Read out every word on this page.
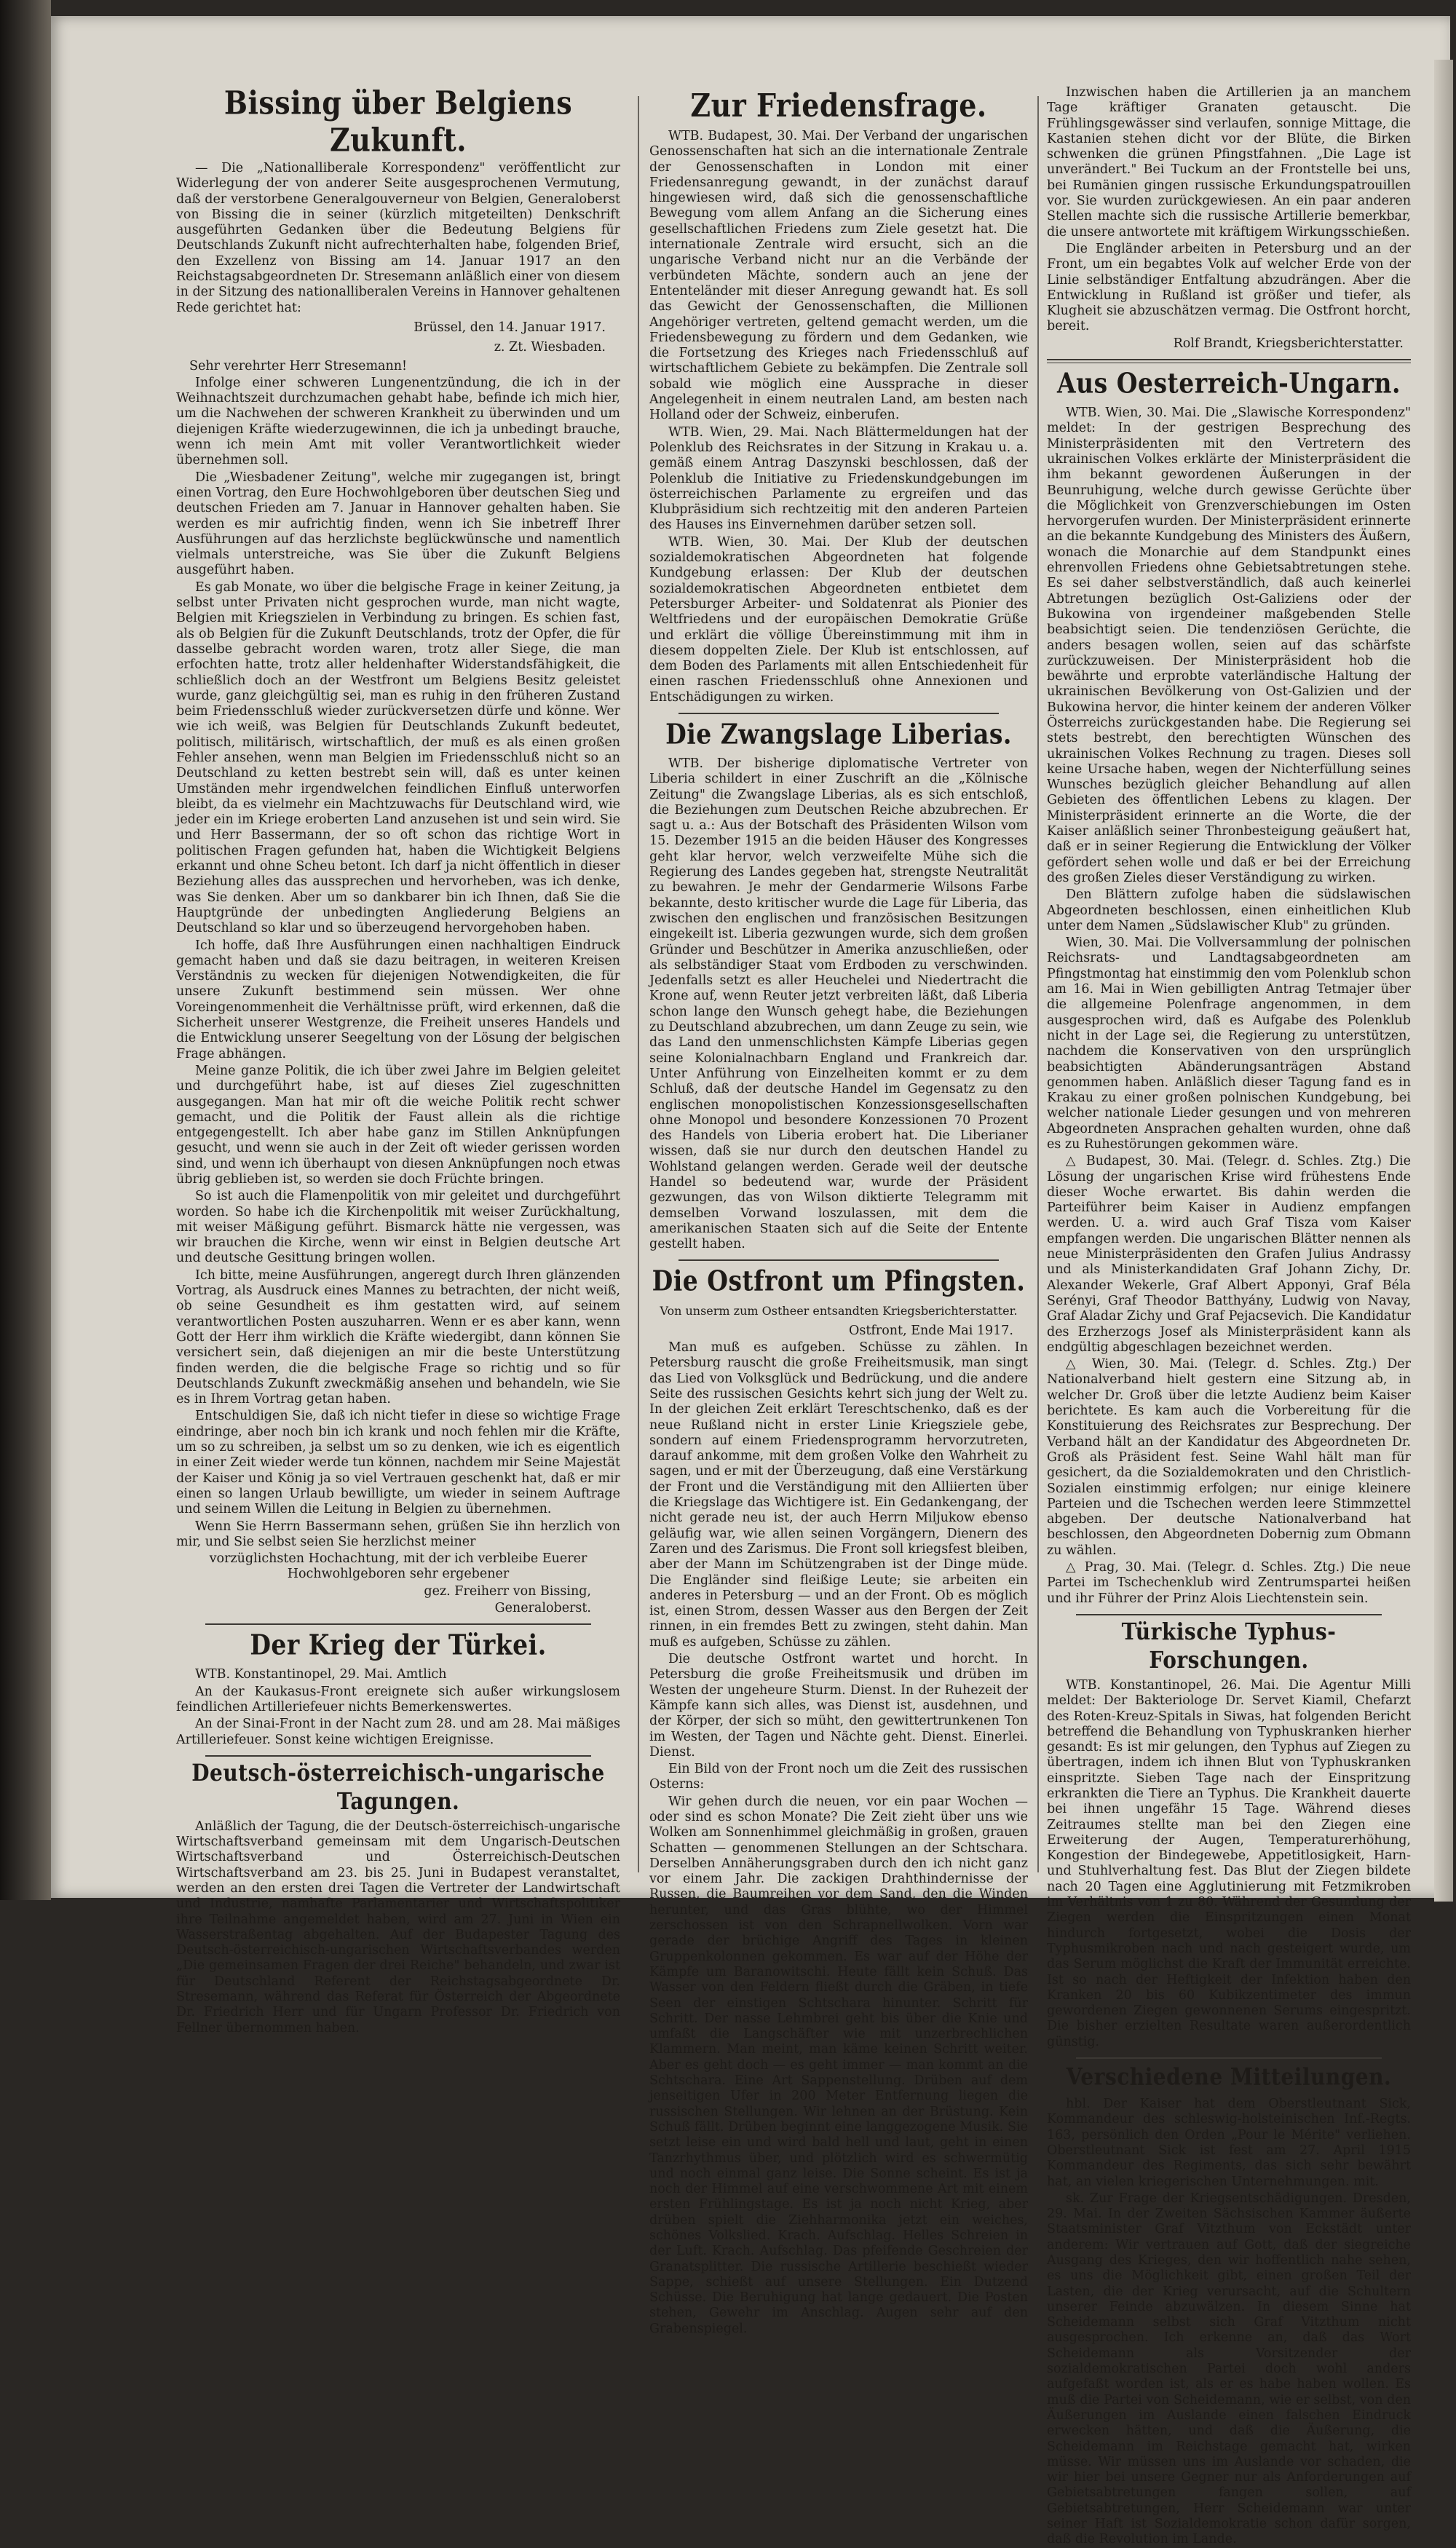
Bissing über Belgiens Zukunft.

— Die „Nationalliberale Korrespondenz" veröffentlicht zur Widerlegung der von anderer Seite ausgesprochenen Vermutung, daß der verstorbene Generalgouverneur von Belgien, Generaloberst von Bissing die in seiner (kürzlich mitgeteilten) Denkschrift ausgeführten Gedanken über die Bedeutung Belgiens für Deutschlands Zukunft nicht aufrechterhalten habe, folgenden Brief, den Exzellenz von Bissing am 14. Januar 1917 an den Reichstagsabgeordneten Dr. Stresemann anläßlich einer von diesem in der Sitzung des nationalliberalen Vereins in Hannover gehaltenen Rede gerichtet hat:

Brüssel, den 14. Januar 1917.

z. Zt. Wiesbaden.

Sehr verehrter Herr Stresemann!

Infolge einer schweren Lungenentzündung, die ich in der Weihnachtszeit durchzumachen gehabt habe, befinde ich mich hier, um die Nachwehen der schweren Krankheit zu überwinden und um diejenigen Kräfte wiederzugewinnen, die ich ja unbedingt brauche, wenn ich mein Amt mit voller Verantwortlichkeit wieder übernehmen soll.

Die „Wiesbadener Zeitung", welche mir zugegangen ist, bringt einen Vortrag, den Eure Hochwohlgeboren über deutschen Sieg und deutschen Frieden am 7. Januar in Hannover gehalten haben. Sie werden es mir aufrichtig finden, wenn ich Sie inbetreff Ihrer Ausführungen auf das herzlichste beglückwünsche und namentlich vielmals unterstreiche, was Sie über die Zukunft Belgiens ausgeführt haben.

Es gab Monate, wo über die belgische Frage in keiner Zeitung, ja selbst unter Privaten nicht gesprochen wurde, man nicht wagte, Belgien mit Kriegszielen in Verbindung zu bringen. Es schien fast, als ob Belgien für die Zukunft Deutschlands, trotz der Opfer, die für dasselbe gebracht worden waren, trotz aller Siege, die man erfochten hatte, trotz aller heldenhafter Widerstandsfähigkeit, die schließlich doch an der Westfront um Belgiens Besitz geleistet wurde, ganz gleichgültig sei, man es ruhig in den früheren Zustand beim Friedensschluß wieder zurückversetzen dürfe und könne. Wer wie ich weiß, was Belgien für Deutschlands Zukunft bedeutet, politisch, militärisch, wirtschaftlich, der muß es als einen großen Fehler ansehen, wenn man Belgien im Friedensschluß nicht so an Deutschland zu ketten bestrebt sein will, daß es unter keinen Umständen mehr irgendwelchen feindlichen Einfluß unterworfen bleibt, da es vielmehr ein Machtzuwachs für Deutschland wird, wie jeder ein im Kriege eroberten Land anzusehen ist und sein wird. Sie und Herr Bassermann, der so oft schon das richtige Wort in politischen Fragen gefunden hat, haben die Wichtigkeit Belgiens erkannt und ohne Scheu betont. Ich darf ja nicht öffentlich in dieser Beziehung alles das aussprechen und hervorheben, was ich denke, was Sie denken. Aber um so dankbarer bin ich Ihnen, daß Sie die Hauptgründe der unbedingten Angliederung Belgiens an Deutschland so klar und so überzeugend hervorgehoben haben.

Ich hoffe, daß Ihre Ausführungen einen nachhaltigen Eindruck gemacht haben und daß sie dazu beitragen, in weiteren Kreisen Verständnis zu wecken für diejenigen Notwendigkeiten, die für unsere Zukunft bestimmend sein müssen. Wer ohne Voreingenommenheit die Verhältnisse prüft, wird erkennen, daß die Sicherheit unserer Westgrenze, die Freiheit unseres Handels und die Entwicklung unserer Seegeltung von der Lösung der belgischen Frage abhängen.

Meine ganze Politik, die ich über zwei Jahre im Belgien geleitet und durchgeführt habe, ist auf dieses Ziel zugeschnitten ausgegangen. Man hat mir oft die weiche Politik recht schwer gemacht, und die Politik der Faust allein als die richtige entgegengestellt. Ich aber habe ganz im Stillen Anknüpfungen gesucht, und wenn sie auch in der Zeit oft wieder gerissen worden sind, und wenn ich überhaupt von diesen Anknüpfungen noch etwas übrig geblieben ist, so werden sie doch Früchte bringen.

So ist auch die Flamenpolitik von mir geleitet und durchgeführt worden. So habe ich die Kirchenpolitik mit weiser Zurückhaltung, mit weiser Mäßigung geführt. Bismarck hätte nie vergessen, was wir brauchen die Kirche, wenn wir einst in Belgien deutsche Art und deutsche Gesittung bringen wollen.

Ich bitte, meine Ausführungen, angeregt durch Ihren glänzenden Vortrag, als Ausdruck eines Mannes zu betrachten, der nicht weiß, ob seine Gesundheit es ihm gestatten wird, auf seinem verantwortlichen Posten auszuharren. Wenn er es aber kann, wenn Gott der Herr ihm wirklich die Kräfte wiedergibt, dann können Sie versichert sein, daß diejenigen an mir die beste Unterstützung finden werden, die die belgische Frage so richtig und so für Deutschlands Zukunft zweckmäßig ansehen und behandeln, wie Sie es in Ihrem Vortrag getan haben.

Entschuldigen Sie, daß ich nicht tiefer in diese so wichtige Frage eindringe, aber noch bin ich krank und noch fehlen mir die Kräfte, um so zu schreiben, ja selbst um so zu denken, wie ich es eigentlich in einer Zeit wieder werde tun können, nachdem mir Seine Majestät der Kaiser und König ja so viel Vertrauen geschenkt hat, daß er mir einen so langen Urlaub bewilligte, um wieder in seinem Auftrage und seinem Willen die Leitung in Belgien zu übernehmen.

Wenn Sie Herrn Bassermann sehen, grüßen Sie ihn herzlich von mir, und Sie selbst seien Sie herzlichst meiner

vorzüglichsten Hochachtung, mit der ich verbleibe Euerer Hochwohlgeboren sehr ergebener

gez. Freiherr von Bissing,

Generaloberst.

Der Krieg der Türkei.

WTB. Konstantinopel, 29. Mai. Amtlich

An der Kaukasus-Front ereignete sich außer wirkungslosem feindlichen Artilleriefeuer nichts Bemerkenswertes.

An der Sinai-Front in der Nacht zum 28. und am 28. Mai mäßiges Artilleriefeuer. Sonst keine wichtigen Ereignisse.

Deutsch-österreichisch-ungarische Tagungen.

Anläßlich der Tagung, die der Deutsch-österreichisch-ungarische Wirtschaftsverband gemeinsam mit dem Ungarisch-Deutschen Wirtschaftsverband und Österreichisch-Deutschen Wirtschaftsverband am 23. bis 25. Juni in Budapest veranstaltet, werden an den ersten drei Tagen die Vertreter der Landwirtschaft und Industrie, namhafte Parlamentarier und Wirtschaftspolitiker ihre Teilnahme angemeldet haben, wird am 27. Juni in Wien ein Wasserstraßentag abgehalten. Auf der Budapester Tagung des Deutsch-österreichisch-ungarischen Wirtschaftsverbandes werden „Die gemeinsamen Fragen der drei Reiche" behandeln, und zwar ist für Deutschland Referent der Reichstagsabgeordnete Dr. Stresemann, während das Referat für Österreich der Abgeordnete Dr. Friedrich Herr und für Ungarn Professor Dr. Friedrich von Fellner übernommen haben.

Zur Friedensfrage.

WTB. Budapest, 30. Mai. Der Verband der ungarischen Genossenschaften hat sich an die internationale Zentrale der Genossenschaften in London mit einer Friedensanregung gewandt, in der zunächst darauf hingewiesen wird, daß sich die genossenschaftliche Bewegung vom allem Anfang an die Sicherung eines gesellschaftlichen Friedens zum Ziele gesetzt hat. Die internationale Zentrale wird ersucht, sich an die ungarische Verband nicht nur an die Verbände der verbündeten Mächte, sondern auch an jene der Ententeländer mit dieser Anregung gewandt hat. Es soll das Gewicht der Genossenschaften, die Millionen Angehöriger vertreten, geltend gemacht werden, um die Friedensbewegung zu fördern und dem Gedanken, wie die Fortsetzung des Krieges nach Friedensschluß auf wirtschaftlichem Gebiete zu bekämpfen. Die Zentrale soll sobald wie möglich eine Aussprache in dieser Angelegenheit in einem neutralen Land, am besten nach Holland oder der Schweiz, einberufen.

WTB. Wien, 29. Mai. Nach Blättermeldungen hat der Polenklub des Reichsrates in der Sitzung in Krakau u. a. gemäß einem Antrag Daszynski beschlossen, daß der Polenklub die Initiative zu Friedenskundgebungen im österreichischen Parlamente zu ergreifen und das Klubpräsidium sich rechtzeitig mit den anderen Parteien des Hauses ins Einvernehmen darüber setzen soll.

WTB. Wien, 30. Mai. Der Klub der deutschen sozialdemokratischen Abgeordneten hat folgende Kundgebung erlassen: Der Klub der deutschen sozialdemokratischen Abgeordneten entbietet dem Petersburger Arbeiter- und Soldatenrat als Pionier des Weltfriedens und der europäischen Demokratie Grüße und erklärt die völlige Übereinstimmung mit ihm in diesem doppelten Ziele. Der Klub ist entschlossen, auf dem Boden des Parlaments mit allen Entschiedenheit für einen raschen Friedensschluß ohne Annexionen und Entschädigungen zu wirken.

Die Zwangslage Liberias.

WTB. Der bisherige diplomatische Vertreter von Liberia schildert in einer Zuschrift an die „Kölnische Zeitung" die Zwangslage Liberias, als es sich entschloß, die Beziehungen zum Deutschen Reiche abzubrechen. Er sagt u. a.: Aus der Botschaft des Präsidenten Wilson vom 15. Dezember 1915 an die beiden Häuser des Kongresses geht klar hervor, welch verzweifelte Mühe sich die Regierung des Landes gegeben hat, strengste Neutralität zu bewahren. Je mehr der Gendarmerie Wilsons Farbe bekannte, desto kritischer wurde die Lage für Liberia, das zwischen den englischen und französischen Besitzungen eingekeilt ist. Liberia gezwungen wurde, sich dem großen Gründer und Beschützer in Amerika anzuschließen, oder als selbständiger Staat vom Erdboden zu verschwinden. Jedenfalls setzt es aller Heuchelei und Niedertracht die Krone auf, wenn Reuter jetzt verbreiten läßt, daß Liberia schon lange den Wunsch gehegt habe, die Beziehungen zu Deutschland abzubrechen, um dann Zeuge zu sein, wie das Land den unmenschlichsten Kämpfe Liberias gegen seine Kolonialnachbarn England und Frankreich dar. Unter Anführung von Einzelheiten kommt er zu dem Schluß, daß der deutsche Handel im Gegensatz zu den englischen monopolistischen Konzessionsgesellschaften ohne Monopol und besondere Konzessionen 70 Prozent des Handels von Liberia erobert hat. Die Liberianer wissen, daß sie nur durch den deutschen Handel zu Wohlstand gelangen werden. Gerade weil der deutsche Handel so bedeutend war, wurde der Präsident gezwungen, das von Wilson diktierte Telegramm mit demselben Vorwand loszulassen, mit dem die amerikanischen Staaten sich auf die Seite der Entente gestellt haben.

Die Ostfront um Pfingsten.

Von unserm zum Ostheer entsandten Kriegsberichterstatter.

Ostfront, Ende Mai 1917.

Man muß es aufgeben. Schüsse zu zählen. In Petersburg rauscht die große Freiheitsmusik, man singt das Lied von Volksglück und Bedrückung, und die andere Seite des russischen Gesichts kehrt sich jung der Welt zu. In der gleichen Zeit erklärt Tereschtschenko, daß es der neue Rußland nicht in erster Linie Kriegsziele gebe, sondern auf einem Friedensprogramm hervorzutreten, darauf ankomme, mit dem großen Volke den Wahrheit zu sagen, und er mit der Überzeugung, daß eine Verstärkung der Front und die Verständigung mit den Alliierten über die Kriegslage das Wichtigere ist. Ein Gedankengang, der nicht gerade neu ist, der auch Herrn Miljukow ebenso geläufig war, wie allen seinen Vorgängern, Dienern des Zaren und des Zarismus. Die Front soll kriegsfest bleiben, aber der Mann im Schützengraben ist der Dinge müde. Die Engländer sind fleißige Leute; sie arbeiten ein anderes in Petersburg — und an der Front. Ob es möglich ist, einen Strom, dessen Wasser aus den Bergen der Zeit rinnen, in ein fremdes Bett zu zwingen, steht dahin. Man muß es aufgeben, Schüsse zu zählen.

Die deutsche Ostfront wartet und horcht. In Petersburg die große Freiheitsmusik und drüben im Westen der ungeheure Sturm. Dienst. In der Ruhezeit der Kämpfe kann sich alles, was Dienst ist, ausdehnen, und der Körper, der sich so müht, den gewittertrunkenen Ton im Westen, der Tagen und Nächte geht. Dienst. Einerlei. Dienst.

Ein Bild von der Front noch um die Zeit des russischen Osterns:

Wir gehen durch die neuen, vor ein paar Wochen — oder sind es schon Monate? Die Zeit zieht über uns wie Wolken am Sonnenhimmel gleichmäßig in großen, grauen Schatten — genommenen Stellungen an der Schtschara. Derselben Annäherungsgraben durch den ich nicht ganz vor einem Jahr. Die zackigen Drahthindernisse der Russen, die Baumreihen vor dem Sand, den die Winden herunter, und das Gras blühte, wo der Himmel zerschossen ist von den Schrapnellwolken. Vorn war gerade der brüchige Angriff des Tages in kleinen Gruppenkolonnen gekommen. Es war auf der Höhe der Kämpfe um Baranowitschi. Heute fällt kein Schuß. Das Wasser von den Feldern fließt durch die Gräben, in tiefe Seen der einstigen Schtschara hinunter. Schritt für Schritt. Der nasse Lehmbrei geht bis über die Knie und umfaßt die Langschäfter wie mit unzerbrechlichen Klammern. Man meint, man käme keinen Schritt weiter. Aber es geht doch — es geht immer — man kommt an die Schtschara. Eine Art Sappenstellung. Drüben auf dem jenseitigen Ufer in 200 Meter Entfernung liegen die russischen Stellungen. Wir lehnen an der Brüstung. Kein Schuß fällt. Drüben beginnt eine langgezogene Musik. Sie setzt leise ein und wird bald hell und laut, geht in einen Tanzrhythmus über, und plötzlich wird es schwermütig und noch einmal ganz leise. Die Sonne scheint. Es ist ja noch der Himmel auf eine verschwommene Art mit einem ersten Frühlingstage. Es ist ja noch nicht Krieg, aber drüben spielt die Ziehharmonika jetzt ein weiches, schönes Volkslied. Krach. Aufschlag. Helles Schreien in der Luft. Krach. Aufschlag. Das pfeifende Geschreien der Granatsplitter. Die russische Artillerie beschießt wieder Sappe, schießt auf unsere Stellungen. Ein Dutzend Schüsse. Die Beruhigung hat lange gedauert. Die Posten stehen, Gewehr im Anschlag. Augen sehr auf den Grabenspiegel.

Inzwischen haben die Artillerien ja an manchem Tage kräftiger Granaten getauscht. Die Frühlingsgewässer sind verlaufen, sonnige Mittage, die Kastanien stehen dicht vor der Blüte, die Birken schwenken die grünen Pfingstfahnen. „Die Lage ist unverändert." Bei Tuckum an der Frontstelle bei uns, bei Rumänien gingen russische Erkundungspatrouillen vor. Sie wurden zurückgewiesen. An ein paar anderen Stellen machte sich die russische Artillerie bemerkbar, die unsere antwortete mit kräftigem Wirkungsschießen.

Die Engländer arbeiten in Petersburg und an der Front, um ein begabtes Volk auf welcher Erde von der Linie selbständiger Entfaltung abzudrängen. Aber die Entwicklung in Rußland ist größer und tiefer, als Klugheit sie abzuschätzen vermag. Die Ostfront horcht, bereit.

Rolf Brandt, Kriegsberichterstatter.

Aus Oesterreich-Ungarn.

WTB. Wien, 30. Mai. Die „Slawische Korrespondenz" meldet: In der gestrigen Besprechung des Ministerpräsidenten mit den Vertretern des ukrainischen Volkes erklärte der Ministerpräsident die ihm bekannt gewordenen Äußerungen in der Beunruhigung, welche durch gewisse Gerüchte über die Möglichkeit von Grenzverschiebungen im Osten hervorgerufen wurden. Der Ministerpräsident erinnerte an die bekannte Kundgebung des Ministers des Äußern, wonach die Monarchie auf dem Standpunkt eines ehrenvollen Friedens ohne Gebietsabtretungen stehe. Es sei daher selbstverständlich, daß auch keinerlei Abtretungen bezüglich Ost-Galiziens oder der Bukowina von irgendeiner maßgebenden Stelle beabsichtigt seien. Die tendenziösen Gerüchte, die anders besagen wollen, seien auf das schärfste zurückzuweisen. Der Ministerpräsident hob die bewährte und erprobte vaterländische Haltung der ukrainischen Bevölkerung von Ost-Galizien und der Bukowina hervor, die hinter keinem der anderen Völker Österreichs zurückgestanden habe. Die Regierung sei stets bestrebt, den berechtigten Wünschen des ukrainischen Volkes Rechnung zu tragen. Dieses soll keine Ursache haben, wegen der Nichterfüllung seines Wunsches bezüglich gleicher Behandlung auf allen Gebieten des öffentlichen Lebens zu klagen. Der Ministerpräsident erinnerte an die Worte, die der Kaiser anläßlich seiner Thronbesteigung geäußert hat, daß er in seiner Regierung die Entwicklung der Völker gefördert sehen wolle und daß er bei der Erreichung des großen Zieles dieser Verständigung zu wirken.

Den Blättern zufolge haben die südslawischen Abgeordneten beschlossen, einen einheitlichen Klub unter dem Namen „Südslawischer Klub" zu gründen.

Wien, 30. Mai. Die Vollversammlung der polnischen Reichsrats- und Landtagsabgeordneten am Pfingstmontag hat einstimmig den vom Polenklub schon am 16. Mai in Wien gebilligten Antrag Tetmajer über die allgemeine Polenfrage angenommen, in dem ausgesprochen wird, daß es Aufgabe des Polenklub nicht in der Lage sei, die Regierung zu unterstützen, nachdem die Konservativen von den ursprünglich beabsichtigten Abänderungsanträgen Abstand genommen haben. Anläßlich dieser Tagung fand es in Krakau zu einer großen polnischen Kundgebung, bei welcher nationale Lieder gesungen und von mehreren Abgeordneten Ansprachen gehalten wurden, ohne daß es zu Ruhestörungen gekommen wäre.

△ Budapest, 30. Mai. (Telegr. d. Schles. Ztg.) Die Lösung der ungarischen Krise wird frühestens Ende dieser Woche erwartet. Bis dahin werden die Parteiführer beim Kaiser in Audienz empfangen werden. U. a. wird auch Graf Tisza vom Kaiser empfangen werden. Die ungarischen Blätter nennen als neue Ministerpräsidenten den Grafen Julius Andrassy und als Ministerkandidaten Graf Johann Zichy, Dr. Alexander Wekerle, Graf Albert Apponyi, Graf Béla Serényi, Graf Theodor Batthyány, Ludwig von Navay, Graf Aladar Zichy und Graf Pejacsevich. Die Kandidatur des Erzherzogs Josef als Ministerpräsident kann als endgültig abgeschlagen bezeichnet werden.

△ Wien, 30. Mai. (Telegr. d. Schles. Ztg.) Der Nationalverband hielt gestern eine Sitzung ab, in welcher Dr. Groß über die letzte Audienz beim Kaiser berichtete. Es kam auch die Vorbereitung für die Konstituierung des Reichsrates zur Besprechung. Der Verband hält an der Kandidatur des Abgeordneten Dr. Groß als Präsident fest. Seine Wahl hält man für gesichert, da die Sozialdemokraten und den Christlich-Sozialen einstimmig erfolgen; nur einige kleinere Parteien und die Tschechen werden leere Stimmzettel abgeben. Der deutsche Nationalverband hat beschlossen, den Abgeordneten Dobernig zum Obmann zu wählen.

△ Prag, 30. Mai. (Telegr. d. Schles. Ztg.) Die neue Partei im Tschechenklub wird Zentrumspartei heißen und ihr Führer der Prinz Alois Liechtenstein sein.

Türkische Typhus-Forschungen.

WTB. Konstantinopel, 26. Mai. Die Agentur Milli meldet: Der Bakteriologe Dr. Servet Kiamil, Chefarzt des Roten-Kreuz-Spitals in Siwas, hat folgenden Bericht betreffend die Behandlung von Typhuskranken hierher gesandt: Es ist mir gelungen, den Typhus auf Ziegen zu übertragen, indem ich ihnen Blut von Typhuskranken einspritzte. Sieben Tage nach der Einspritzung erkrankten die Tiere an Typhus. Die Krankheit dauerte bei ihnen ungefähr 15 Tage. Während dieses Zeitraumes stellte man bei den Ziegen eine Erweiterung der Augen, Temperaturerhöhung, Kongestion der Bindegewebe, Appetitlosigkeit, Harn- und Stuhlverhaltung fest. Das Blut der Ziegen bildete nach 20 Tagen eine Agglutinierung mit Fetzmikroben im Verhältnis von 1 zu 80. Während der Gesundung der Ziegen werden die Einspritzungen einen Monat hindurch fortgesetzt, wobei die Dosis der Typhusmikroben nach und nach gesteigert wurde, um das Serum möglichst die Kraft der Immunität erreichte. Ist so nach der Heftigkeit der Infektion haben den Kranken 20 bis 60 Kubikzentimeter des immun gewordenen Ziegen gewonnenen Serums eingespritzt. Die bisher erzielten Resultate waren außerordentlich günstig.

Verschiedene Mitteilungen.

hbl. Der Kaiser hat dem Oberstleutnant Sick, Kommandeur des schleswig-holsteinischen Inf.-Regts. 163, persönlich den Orden „Pour le Mérite" verliehen. Oberstleutnant Sick ist fest am 27. April 1915 Kommandeur des Regiments, das sich sehr bewährt hat, an vielen kriegerischen Unternehmungen. mit.

sk. Zur Frage der Kriegsentschädigungen. Dresden, 29. Mai. In der Zweiten Sächsischen Kammer äußerte Staatsminister Graf Vitzthum von Eckstädt unter anderem: Wir vertrauen auf Gott, daß der siegreiche Ausgang des Krieges, den wir hoffentlich nahe sehen, es uns die Möglichkeit gibt, einen großen Teil der Lasten, die der Krieg verursacht, auf die Schultern unserer Feinde abzuwälzen. In diesem Sinne hat Scheidemann selbst sich Graf Vitzthum nicht ausgesprochen. Ich erkenne an, daß das Wort Scheidemann als Vorsitzender der sozialdemokratischen Partei doch wohl anders aufgefaßt worden ist, als er es habe haben wollen. Es muß die Partei von Scheidemann, wie er selbst, von den Äußerungen im Auslande einen falschen Eindruck erwecken hätten, und daß die Äußerung, die Scheidemann im Reichstage gemacht hat, wirken müsse. Wir müssen uns im Auslande vor schaden, die wir hier bei unsere Gegner nur als Anforderungen auf Gebietsabtretungen fangen sollen, auf Gebietsabtretungen, Herr Scheidemann war unter seiner Haft ist Sozialdemokratie schon dafür sorgen, daß die Revolution im Lande.
